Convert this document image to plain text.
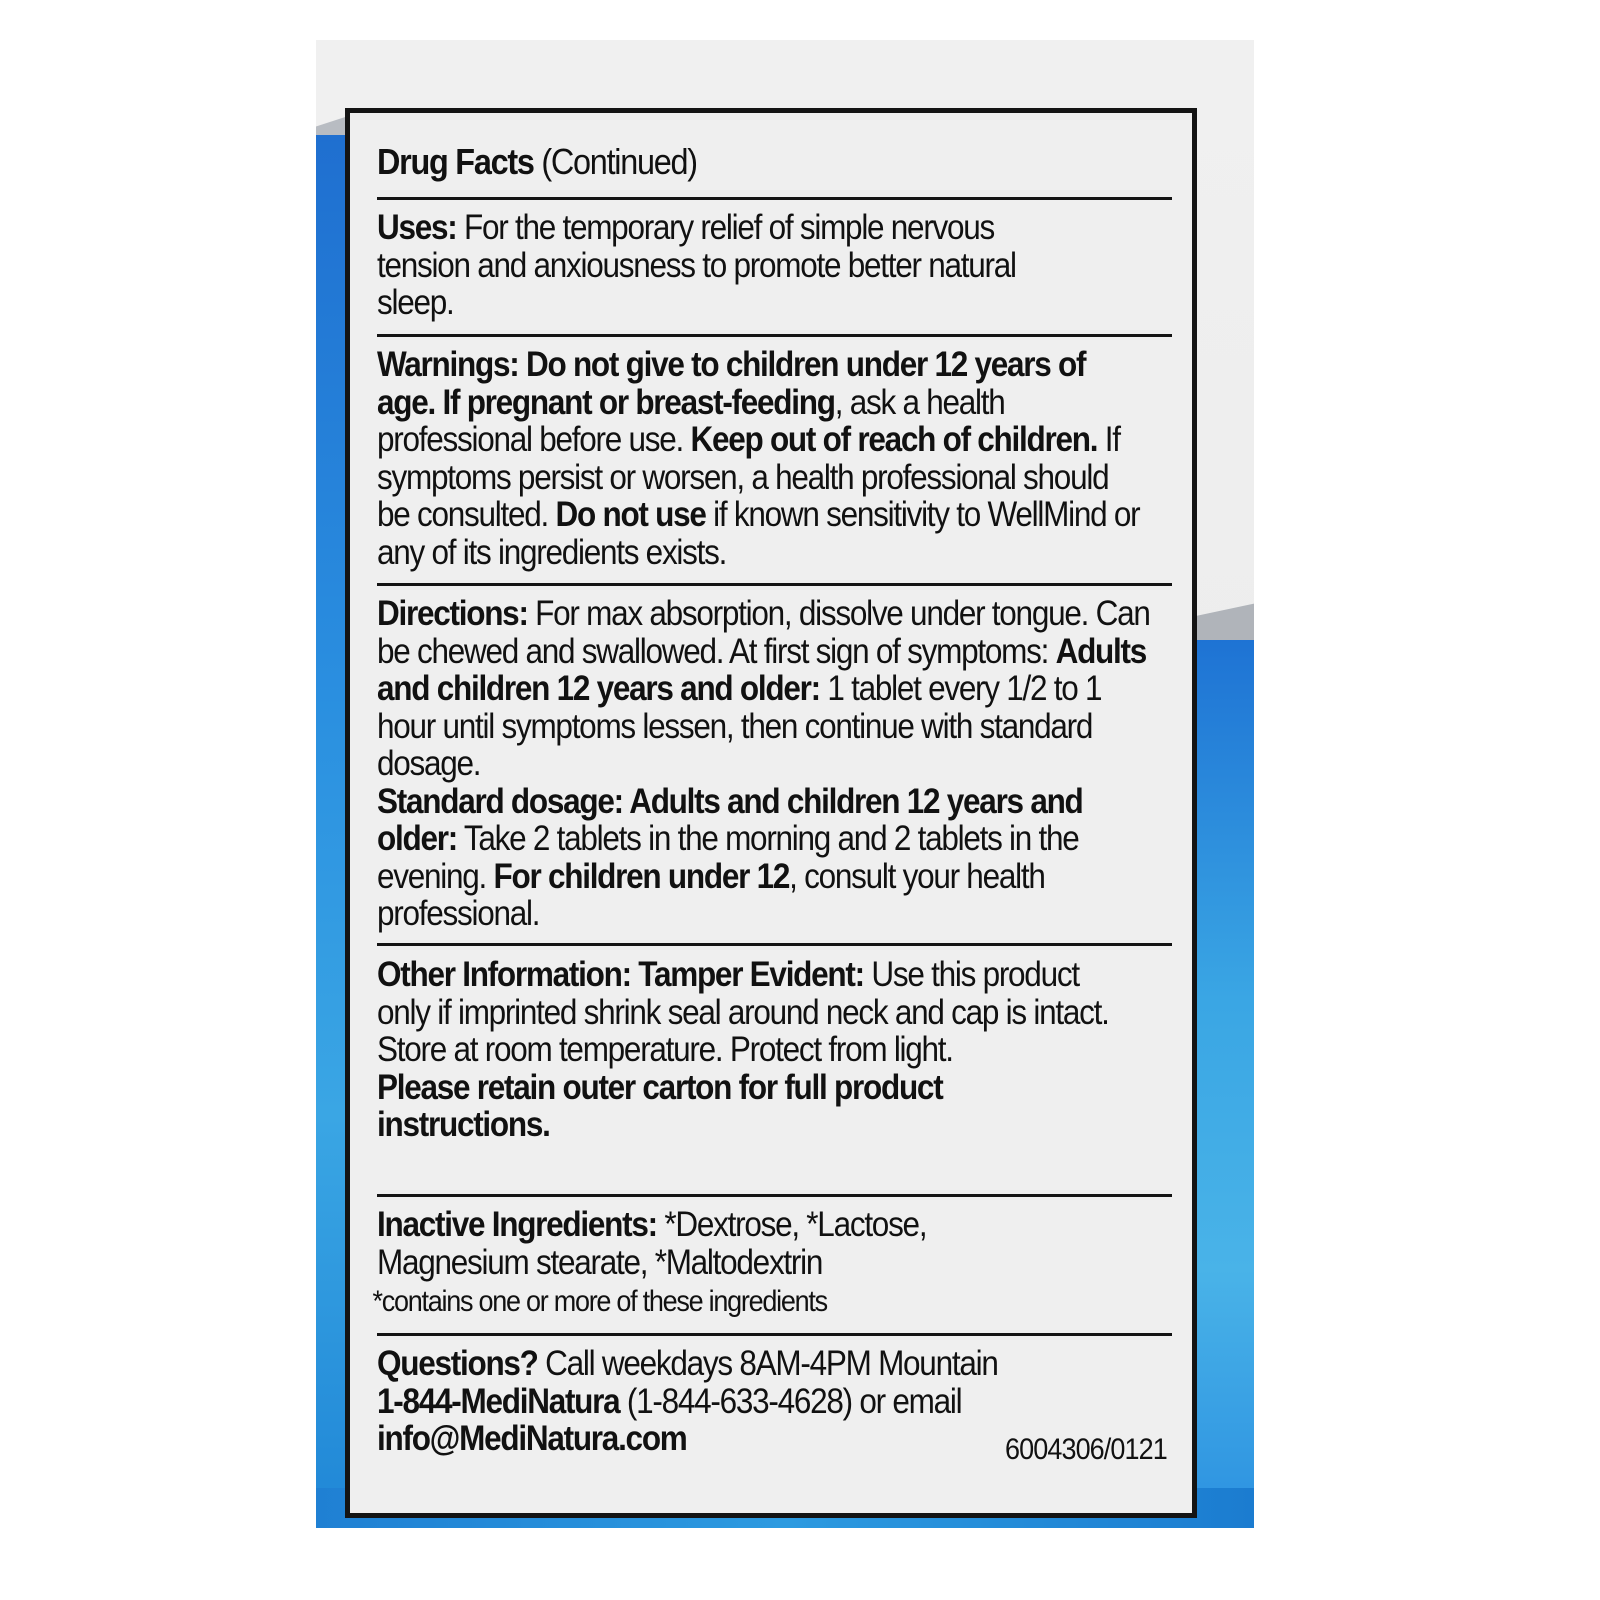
Drug Facts (Continued)
Uses: For the temporary relief of simple nervous tension and anxiousness to promote better natural sleep.
Warnings: Do not give to children under 12 years of age. If pregnant or breast-feeding, ask a health professional before use. Keep out of reach of children. If symptoms persist or worsen, a health professional should be consulted. Do not use if known sensitivity to WellMind or any of its ingredients exists.
Directions: For max absorption, dissolve under tongue. Can be chewed and swallowed. At first sign of symptoms: Adults and children 12 years and older: 1 tablet every 1/2 to 1 hour until symptoms lessen, then continue with standard dosage.
Standard dosage: Adults and children 12 years and older: Take 2 tablets in the morning and 2 tablets in the evening. For children under 12, consult your health professional.
Other Information: Tamper Evident: Use this product only if imprinted shrink seal around neck and cap is intact.
Store at room temperature. Protect from light.
Please retain outer carton for full product instructions.
Inactive Ingredients: *Dextrose, *Lactose, Magnesium stearate, *Maltodextrin
*contains one or more of these ingredients
Questions? Call weekdays 8AM-4PM Mountain
1-844-MediNatura (1-844-633-4628) or email
info@MediNatura.com	6004306/0121
